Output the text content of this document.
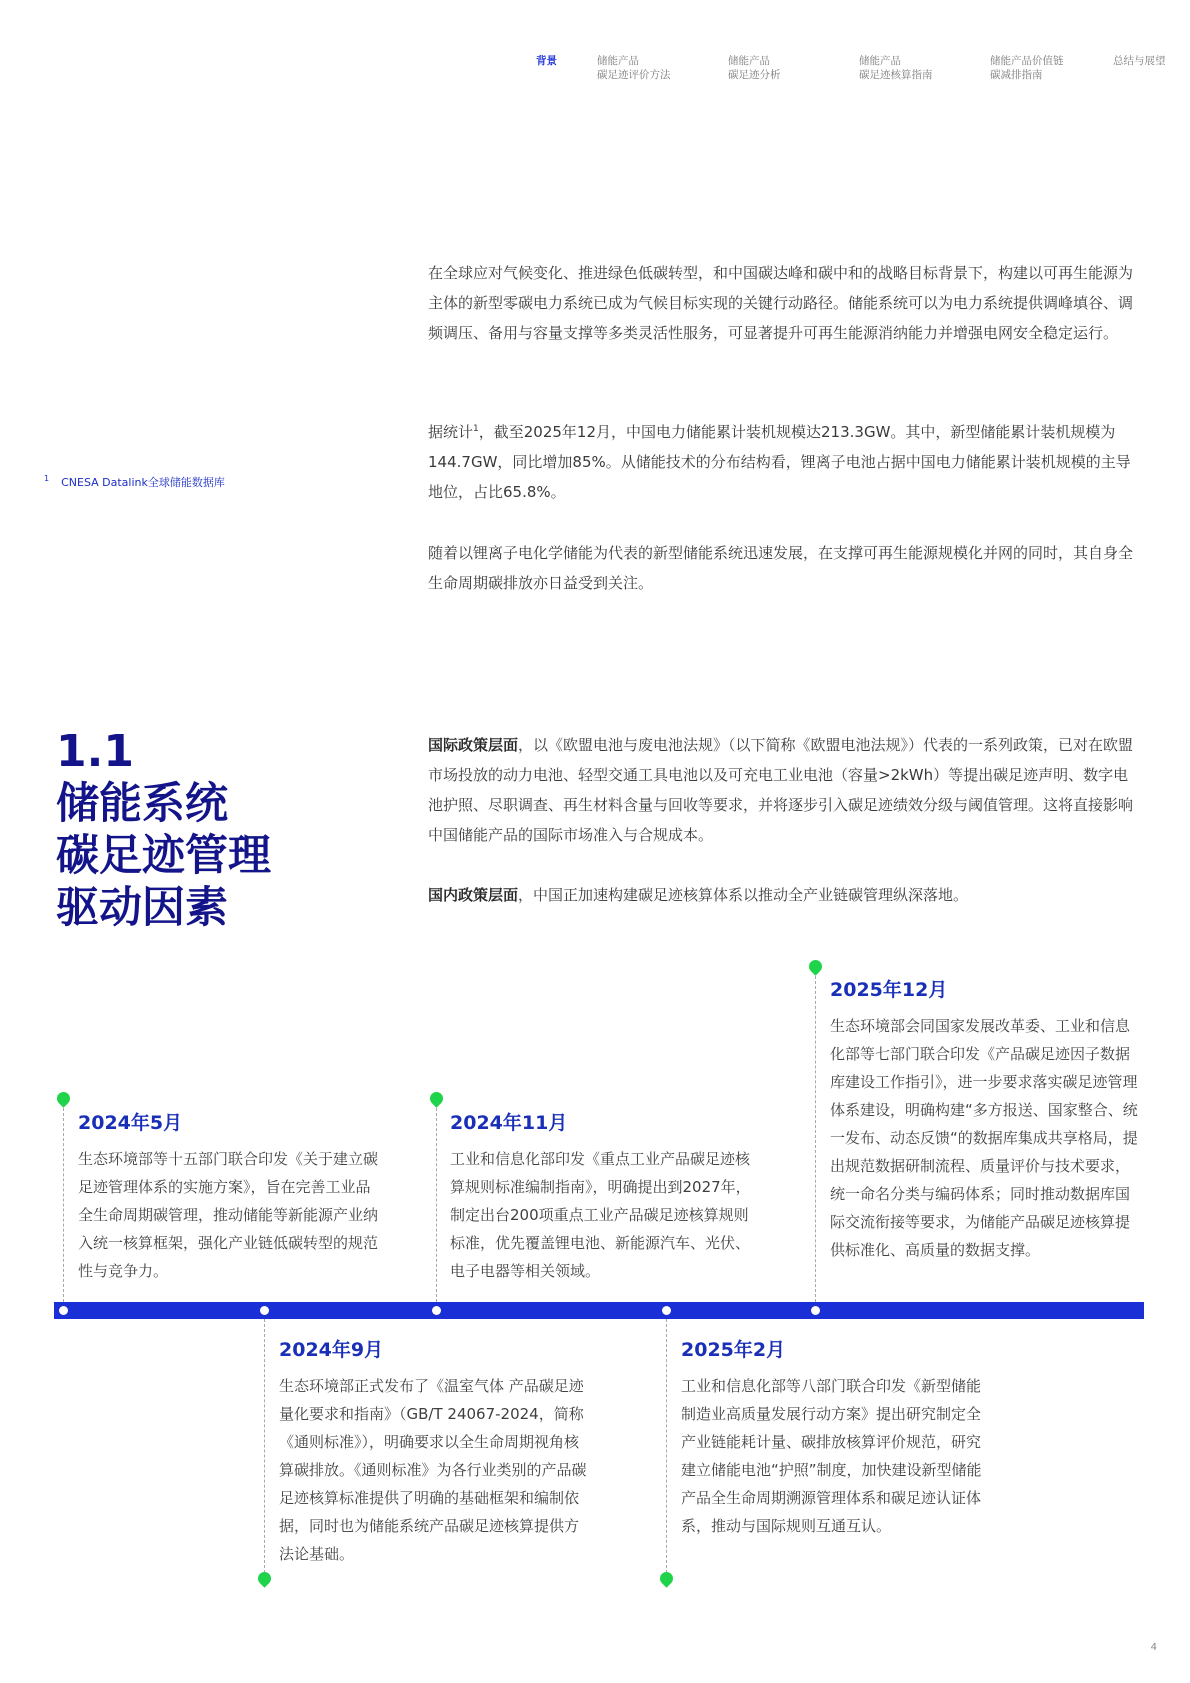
背景	储能产品
碳足迹评价方法
储能产品
碳足迹分析
储能产品
碳足迹核算指南
储能产品价值链
碳减排指南
总结与展望

在全球应对气候变化、推进绿色低碳转型，和中国碳达峰和碳中和的战略目标背景下，构建以可再生能源为主体的新型零碳电力系统已成为气候目标实现的关键行动路径。储能系统可以为电力系统提供调峰填谷、调频调压、备用与容量支撑等多类灵活性服务，可显著提升可再生能源消纳能力并增强电网安全稳定运行。

据统计$^1$，截至2025年12月，中国电力储能累计装机规模达213.3GW。其中，新型储能累计装机规模为144.7GW，同比增加85%。从储能技术的分布结构看，锂离子电池占据中国电力储能累计装机规模的主导地位，占比65.8%。

随着以锂离子电化学储能为代表的新型储能系统迅速发展，在支撑可再生能源规模化并网的同时，其自身全生命周期碳排放亦日益受到关注。

$^1$ CNESA Datalink全球储能数据库
1.1
储能系统
碳足迹管理
驱动因素

国际政策层面，以《欧盟电池与废电池法规》（以下简称《欧盟电池法规》）代表的一系列政策，已对在欧盟市场投放的动力电池、轻型交通工具电池以及可充电工业电池（容量>2kWh）等提出碳足迹声明、数字电池护照、尽职调查、再生材料含量与回收等要求，并将逐步引入碳足迹绩效分级与阈值管理。这将直接影响中国储能产品的国际市场准入与合规成本。

国内政策层面，中国正加速构建碳足迹核算体系以推动全产业链碳管理纵深落地。

2024年5月

生态环境部等十五部门联合印发《关于建立碳足迹管理体系的实施方案》，旨在完善工业品全生命周期碳管理，推动储能等新能源产业纳入统一核算框架，强化产业链低碳转型的规范性与竞争力。

2024年11月

工业和信息化部印发《重点工业产品碳足迹核算规则标准编制指南》，明确提出到2027年，制定出台200项重点工业产品碳足迹核算规则标准，优先覆盖锂电池、新能源汽车、光伏、电子电器等相关领域。

2025年12月

生态环境部会同国家发展改革委、工业和信息化部等七部门联合印发《产品碳足迹因子数据库建设工作指引》，进一步要求落实碳足迹管理体系建设，明确构建“多方报送、国家整合、统一发布、动态反馈“的数据库集成共享格局，提出规范数据研制流程、质量评价与技术要求，统一命名分类与编码体系；同时推动数据库国际交流衔接等要求，为储能产品碳足迹核算提供标准化、高质量的数据支撑。

2024年9月

生态环境部正式发布了《温室气体 产品碳足迹量化要求和指南》（GB/T 24067-2024，简称《通则标准》），明确要求以全生命周期视角核算碳排放。《通则标准》为各行业类别的产品碳足迹核算标准提供了明确的基础框架和编制依据，同时也为储能系统产品碳足迹核算提供方法论基础。

2025年2月

工业和信息化部等八部门联合印发《新型储能制造业高质量发展行动方案》提出研究制定全产业链能耗计量、碳排放核算评价规范，研究建立储能电池“护照”制度，加快建设新型储能产品全生命周期溯源管理体系和碳足迹认证体系，推动与国际规则互通互认。

4
